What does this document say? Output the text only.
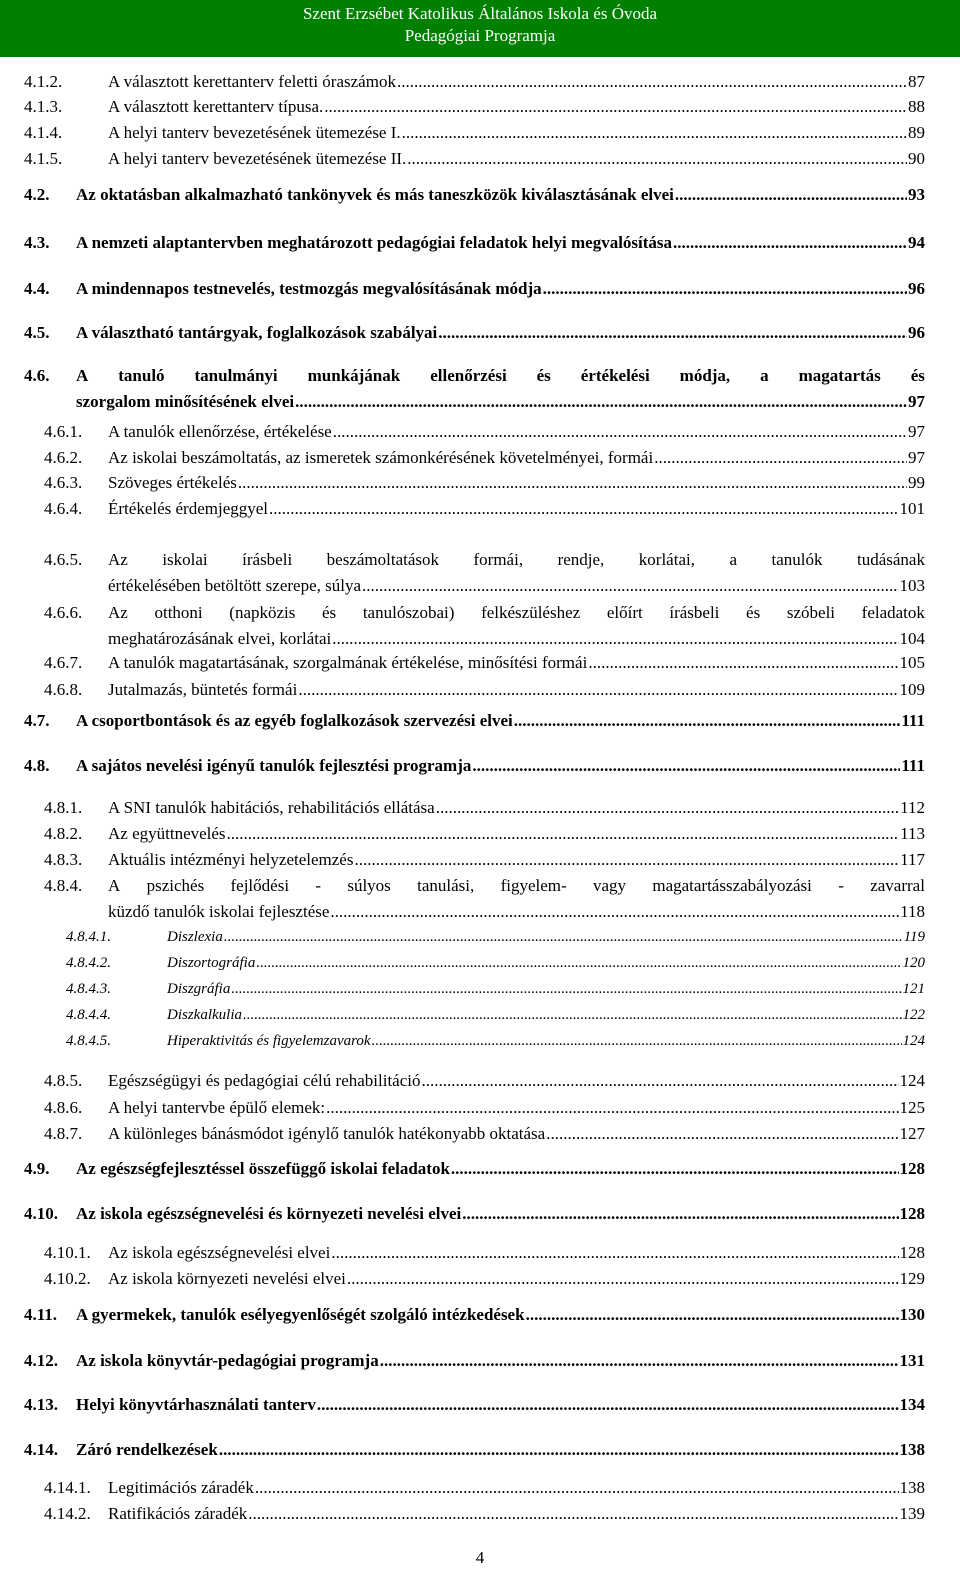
Szent Erzsébet Katolikus Általános Iskola és Óvoda
Pedagógiai Programja
4.1.2.	A választott kerettanterv feletti óraszámok .....	87
4.1.3.	A választott kerettanterv típusa. .....	88
4.1.4.	A helyi tanterv bevezetésének ütemezése I. .....	89
4.1.5.	A helyi tanterv bevezetésének ütemezése II. .....	90
4.2. Az oktatásban alkalmazható tankönyvek és más taneszközök kiválasztásának elvei .....	93
4.3. A nemzeti alaptantervben meghatározott pedagógiai feladatok helyi megvalósítása .....	94
4.4. A mindennapos testnevelés, testmozgás megvalósításának módja .....	96
4.5. A választható tantárgyak, foglalkozások szabályai .....	96
4.6. A tanuló tanulmányi munkájának ellenőrzési és értékelési módja, a magatartás és
szorgalom minősítésének elvei .....	97
4.6.1. A tanulók ellenőrzése, értékelése .....	97
4.6.2. Az iskolai beszámoltatás, az ismeretek számonkérésének követelményei, formái .....	97
4.6.3. Szöveges értékelés .....	99
4.6.4. Értékelés érdemjeggyel .....	101
4.6.5. Az iskolai írásbeli beszámoltatások formái, rendje, korlátai, a tanulók tudásának
értékelésében betöltött szerepe, súlya .....	103
4.6.6. Az otthoni (napközis és tanulószobai) felkészüléshez előírt írásbeli és szóbeli feladatok
meghatározásának elvei, korlátai .....	104
4.6.7. A tanulók magatartásának, szorgalmának értékelése, minősítési formái .....	105
4.6.8. Jutalmazás, büntetés formái .....	109
4.7. A csoportbontások és az egyéb foglalkozások szervezési elvei .....	111
4.8. A sajátos nevelési igényű tanulók fejlesztési programja .....	111
4.8.1. A SNI tanulók habitációs, rehabilitációs ellátása .....	112
4.8.2. Az együttnevelés .....	113
4.8.3. Aktuális intézményi helyzetelemzés .....	117
4.8.4. A pszichés fejlődési - súlyos tanulási, figyelem- vagy magatartásszabályozási - zavarral
küzdő tanulók iskolai fejlesztése .....	118
4.8.4.1.	Diszlexia .....	119
4.8.4.2.	Diszortográfia .....	120
4.8.4.3.	Diszgráfia .....	121
4.8.4.4.	Diszkalkulia .....	122
4.8.4.5.	Hiperaktivitás és figyelemzavarok .....	124
4.8.5. Egészségügyi és pedagógiai célú rehabilitáció .....	124
4.8.6. A helyi tantervbe épülő elemek: .....	125
4.8.7. A különleges bánásmódot igénylő tanulók hatékonyabb oktatása .....	127
4.9. Az egészségfejlesztéssel összefüggő iskolai feladatok .....	128
4.10. Az iskola egészségnevelési és környezeti nevelési elvei .....	128
4.10.1. Az iskola egészségnevelési elvei .....	128
4.10.2. Az iskola környezeti nevelési elvei .....	129
4.11. A gyermekek, tanulók esélyegyenlőségét szolgáló intézkedések .....	130
4.12. Az iskola könyvtár-pedagógiai programja .....	131
4.13. Helyi könyvtárhasználati tanterv .....	134
4.14. Záró rendelkezések .....	138
4.14.1. Legitimációs záradék .....	138
4.14.2. Ratifikációs záradék .....	139
4
